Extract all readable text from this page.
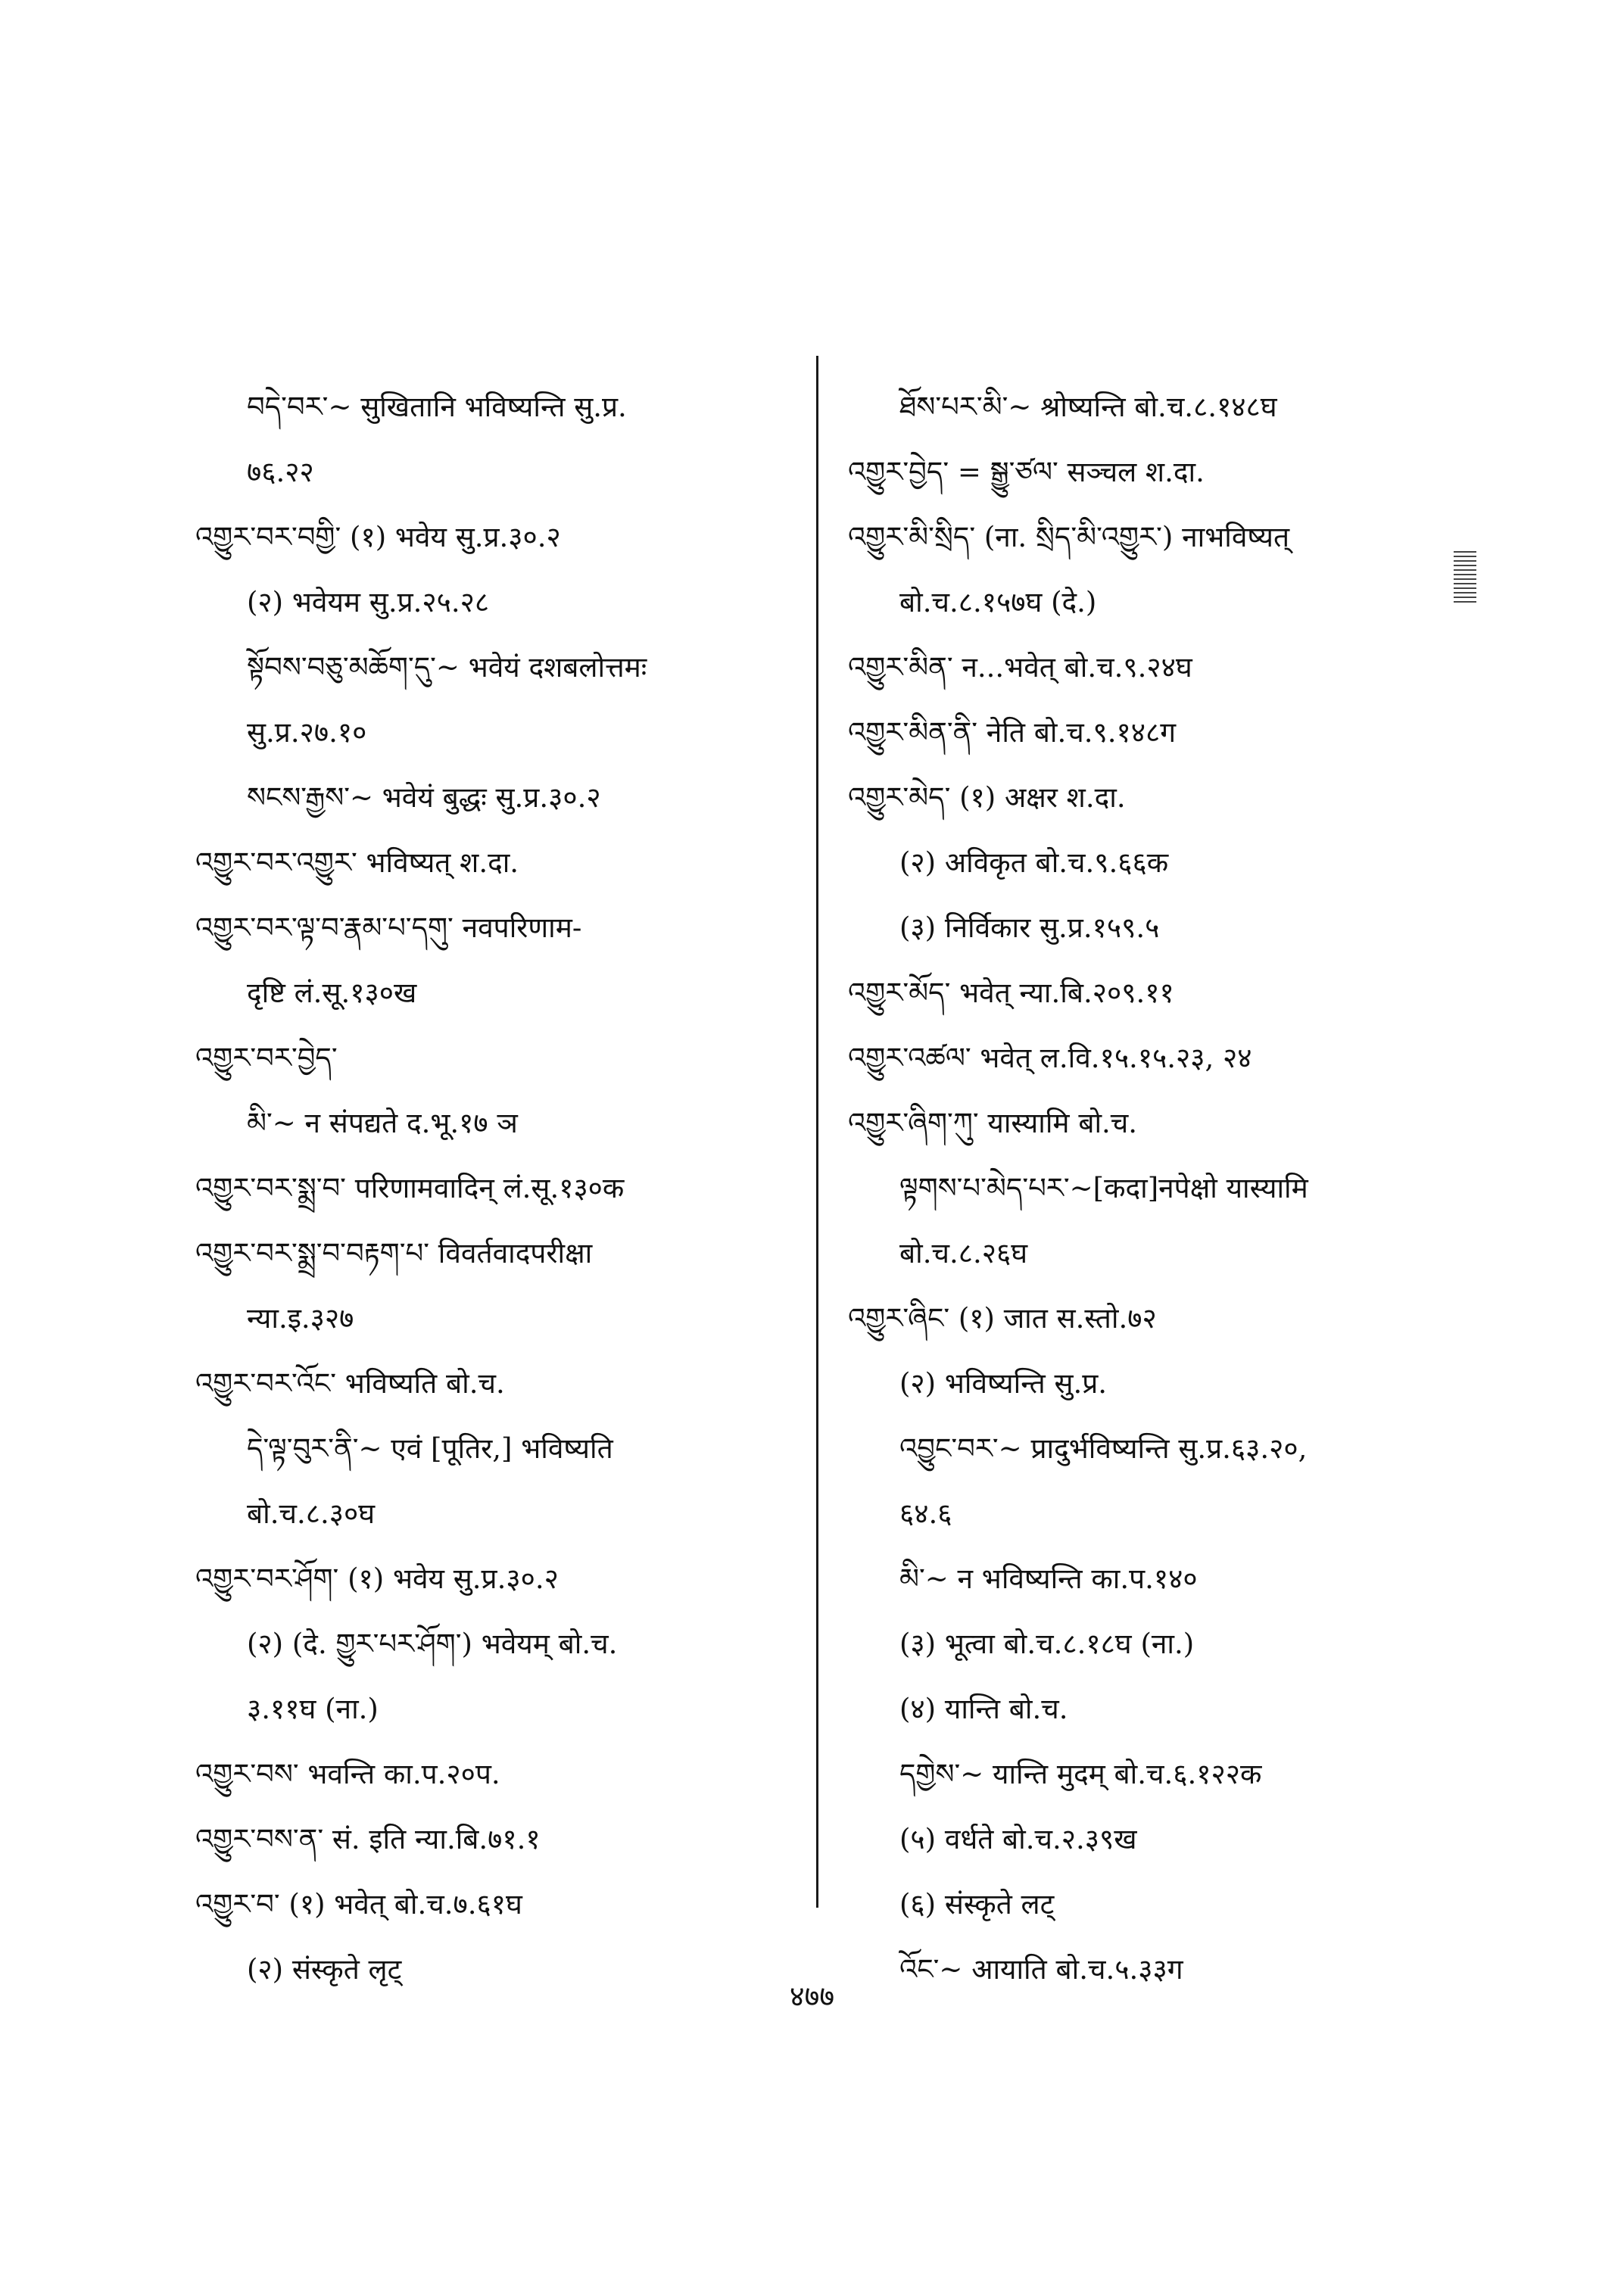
བདེ་བར་~ सुखितानि भविष्यन्ति सु.प्र.
७६.२२
འགྱུར་བར་བགྱི་ (१) भवेय सु.प्र.३०.२
(२) भवेयम सु.प्र.२५.२८
སྟོབས་བཅུ་མཆོག་དུ་~ भवेयं दशबलोत्तमः
सु.प्र.२७.१०
སངས་རྒྱས་~ भवेयं बुद्धः सु.प्र.३०.२
འགྱུར་བར་འགྱུར་ भविष्यत् श.दा.
འགྱུར་བར་ལྟ་བ་རྣམ་པ་དགུ་ नवपरिणाम-
दृष्टि लं.सू.१३०ख
འགྱུར་བར་བྱེད་
མི་~ न संपद्यते द.भू.१७ ञ
འགྱུར་བར་སྨྲ་བ་ परिणामवादिन् लं.सू.१३०क
འགྱུར་བར་སྨྲ་བ་བརྟག་པ་ विवर्तवादपरीक्षा
न्या.इ.३२७
འགྱུར་བར་འོང་ भविष्यति बो.च.
དེ་ལྟ་བུར་ནི་~ एवं [पूतिर,] भविष्यति
बो.च.८.३०घ
འགྱུར་བར་ཤོག་ (१) भवेय सु.प्र.३०.२
(२) (दे. གྱུར་པར་ཤོག་) भवेयम् बो.च.
३.११घ (ना.)
འགྱུར་བས་ भवन्ति का.प.२०प.
འགྱུར་བས་ན་ सं. इति न्या.बि.७१.१
འགྱུར་བ་ (१) भवेत् बो.च.७.६१घ
(२) संस्कृते लृट्
ཐོས་པར་མི་~ श्रोष्यन्ति बो.च.८.१४८घ
འགྱུར་བྱེད་ = སྒྱུ་ཙལ་ सञ्चल श.दा.
འགྱུར་མི་སྲིད་ (ना. སྲིད་མི་འགྱུར་) नाभविष्यत्
बो.च.८.१५७घ (दे.)
འགྱུར་མིན་ न...भवेत् बो.च.९.२४घ
འགྱུར་མིན་ནི་ नेति बो.च.९.१४८ग
འགྱུར་མེད་ (१) अक्षर श.दा.
(२) अविकृत बो.च.९.६६क
(३) निर्विकार सु.प्र.१५९.५
འགྱུར་མོད་ भवेत् न्या.बि.२०९.११
འགྱུར་འཚལ་ भवेत् ल.वि.१५.१५.२३, २४
འགྱུར་ཞིག་ཀུ་ यास्यामि बो.च.
ལྟགས་པ་མེད་པར་~[कदा]नपेक्षो यास्यामि
बो.च.८.२६घ
འགྱུར་ཞིང་ (१) जात स.स्तो.७२
(२) भविष्यन्ति सु.प्र.
འབྱུང་བར་~ प्रादुर्भविष्यन्ति सु.प्र.६३.२०,
६४.६
མི་~ न भविष्यन्ति का.प.१४०
(३) भूत्वा बो.च.८.१८घ (ना.)
(४) यान्ति बो.च.
དགྱེས་~ यान्ति मुदम् बो.च.६.१२२क
(५) वर्धते बो.च.२.३९ख
(६) संस्कृते लट्
འོང་~ आयाति बो.च.५.३३ग
४७७
